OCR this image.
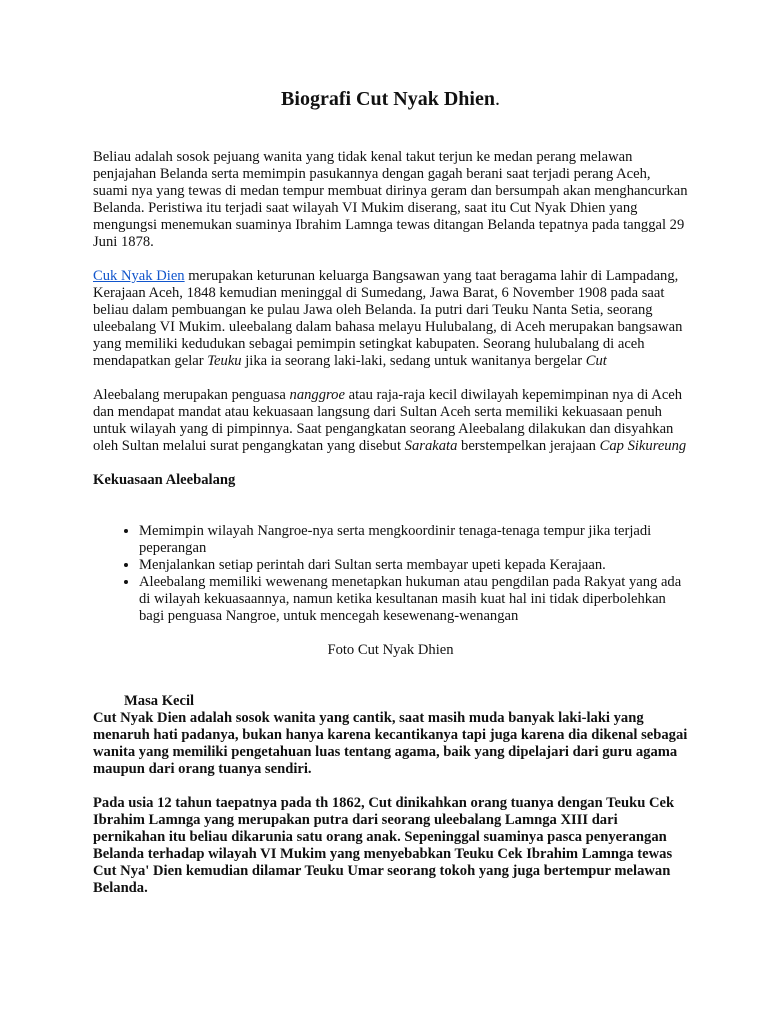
Biografi Cut Nyak Dhien.

Beliau adalah sosok pejuang wanita yang tidak kenal takut terjun ke medan perang melawan penjajahan Belanda serta memimpin pasukannya dengan gagah berani saat terjadi perang Aceh, suami nya yang tewas di medan tempur membuat dirinya geram dan bersumpah akan menghancurkan Belanda. Peristiwa itu terjadi saat wilayah VI Mukim diserang, saat itu Cut Nyak Dhien yang mengungsi menemukan suaminya Ibrahim Lamnga tewas ditangan Belanda tepatnya pada tanggal 29 Juni 1878.

Cuk Nyak Dien merupakan keturunan keluarga Bangsawan yang taat beragama lahir di Lampadang, Kerajaan Aceh, 1848 kemudian meninggal di Sumedang, Jawa Barat, 6 November 1908 pada saat beliau dalam pembuangan ke pulau Jawa oleh Belanda. Ia putri dari Teuku Nanta Setia, seorang uleebalang VI Mukim. uleebalang dalam bahasa melayu Hulubalang, di Aceh merupakan bangsawan yang memiliki kedudukan sebagai pemimpin setingkat kabupaten. Seorang hulubalang di aceh mendapatkan gelar Teuku jika ia seorang laki-laki, sedang untuk wanitanya bergelar Cut

Aleebalang merupakan penguasa nanggroe atau raja-raja kecil diwilayah kepemimpinan nya di Aceh dan mendapat mandat atau kekuasaan langsung dari Sultan Aceh serta memiliki kekuasaan penuh untuk wilayah yang di pimpinnya. Saat pengangkatan seorang Aleebalang dilakukan dan disyahkan oleh Sultan melalui surat pengangkatan yang disebut Sarakata berstempelkan jerajaan Cap Sikureung

Kekuasaan Aleebalang
• Memimpin wilayah Nangroe-nya serta mengkoordinir tenaga-tenaga tempur jika terjadi peperangan
• Menjalankan setiap perintah dari Sultan serta membayar upeti kepada Kerajaan.
• Aleebalang memiliki wewenang menetapkan hukuman atau pengdilan pada Rakyat yang ada di wilayah kekuasaannya, namun ketika kesultanan masih kuat hal ini tidak diperbolehkan bagi penguasa Nangroe, untuk mencegah kesewenang-wenangan
Foto Cut Nyak Dhien
Masa Kecil

Cut Nyak Dien adalah sosok wanita yang cantik, saat masih muda banyak laki-laki yang menaruh hati padanya, bukan hanya karena kecantikanya tapi juga karena dia dikenal sebagai wanita yang memiliki pengetahuan luas tentang agama, baik yang dipelajari dari guru agama maupun dari orang tuanya sendiri.

Pada usia 12 tahun taepatnya pada th 1862, Cut dinikahkan orang tuanya dengan Teuku Cek Ibrahim Lamnga yang merupakan putra dari seorang uleebalang Lamnga XIII dari pernikahan itu beliau dikarunia satu orang anak. Sepeninggal suaminya pasca penyerangan Belanda terhadap wilayah VI Mukim yang menyebabkan Teuku Cek Ibrahim Lamnga tewas Cut Nya' Dien kemudian dilamar Teuku Umar seorang tokoh yang juga bertempur melawan Belanda.
